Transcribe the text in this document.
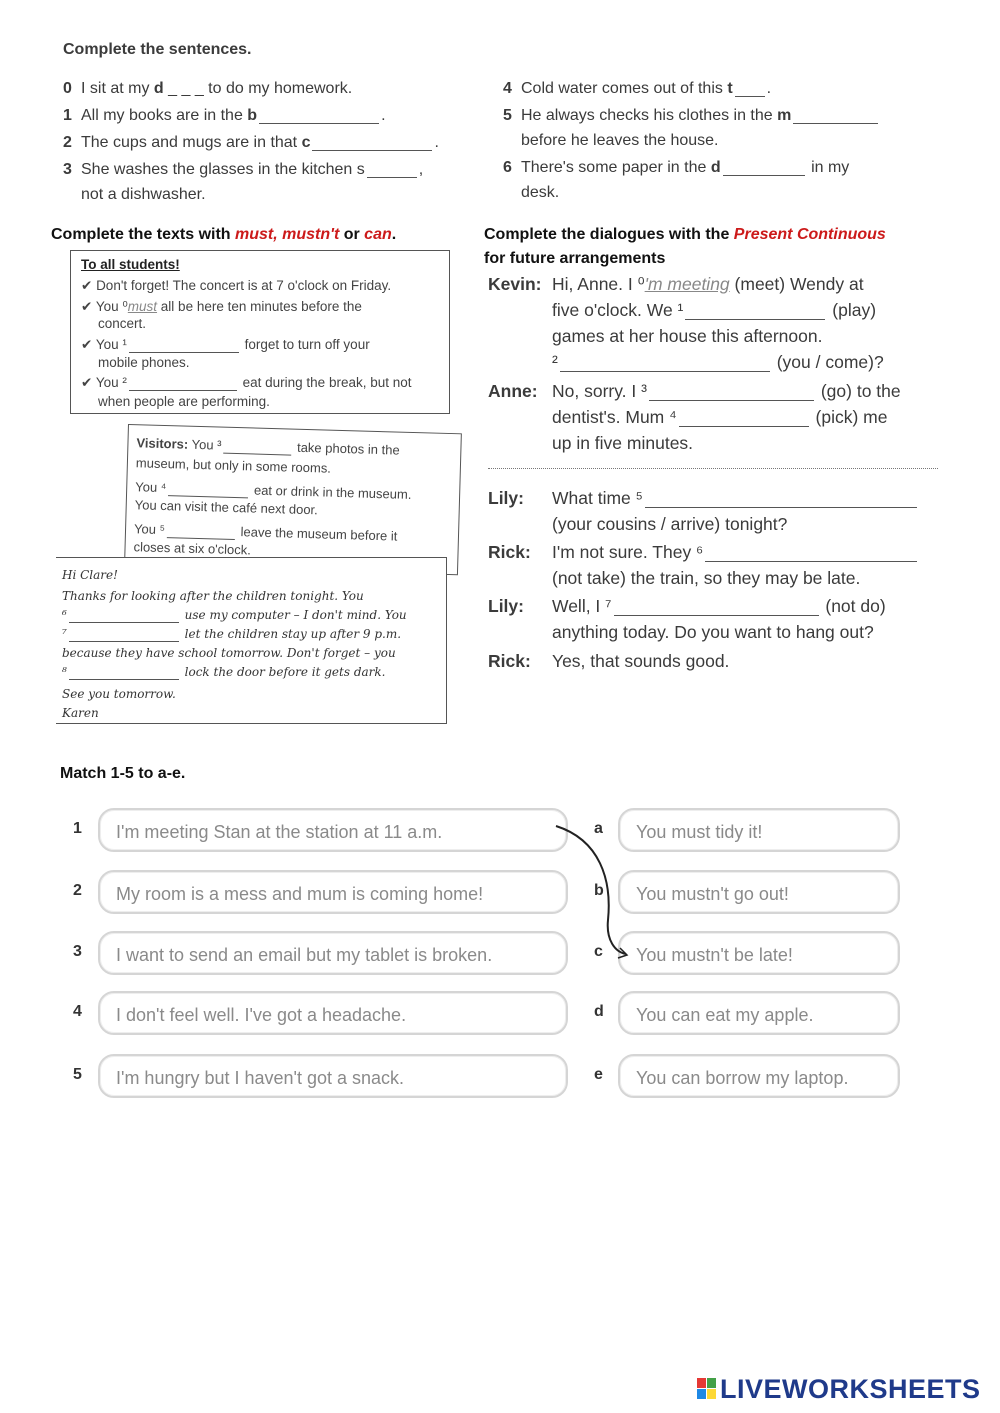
Complete the sentences.
0 I sit at my d _ _ _ to do my homework.
1 All my books are in the b	.
2 The cups and mugs are in that c	.
3 She washes the glasses in the kitchen s	,
not a dishwasher.
4 Cold water comes out of this t .
5 He always checks his clothes in the m
before he leaves the house.
6 There's some paper in the d	in my
desk.
Complete the texts with must, mustn't or can.
To all students!
✔ Don't forget! The concert is at 7 o'clock on Friday.
✔ You ⁰must all be here ten minutes before the
concert.
✔ You ¹	forget to turn off your
mobile phones.
✔ You ²	eat during the break, but not
when people are performing.
Visitors: You ³	take photos in the
museum, but only in some rooms.
You ⁴	eat or drink in the museum.
You can visit the café next door.
You ⁵	leave the museum before it
closes at six o'clock.
Hi Clare!
Thanks for looking after the children tonight. You
⁶	use my computer – I don't mind. You
⁷	let the children stay up after 9 p.m.
because they have school tomorrow. Don't forget – you
⁸	lock the door before it gets dark.
See you tomorrow.
Karen
Complete the dialogues with the Present Continuous
for future arrangements
Kevin: Hi, Anne. I ⁰'m meeting (meet) Wendy at
five o'clock. We ¹	(play)
games at her house this afternoon.
²	(you / come)?
Anne: No, sorry. I ³	(go) to the
dentist's. Mum ⁴	(pick) me
up in five minutes.
Lily: What time ⁵
(your cousins / arrive) tonight?
Rick: I'm not sure. They ⁶
(not take) the train, so they may be late.
Lily: Well, I ⁷	(not do)
anything today. Do you want to hang out?
Rick: Yes, that sounds good.
Match 1-5 to a-e.
1	I'm meeting Stan at the station at 11 a.m.
2	My room is a mess and mum is coming home!
3	I want to send an email but my tablet is broken.
4	I don't feel well. I've got a headache.
5	I'm hungry but I haven't got a snack.
a	You must tidy it!
b	You mustn't go out!
c	You mustn't be late!
d	You can eat my apple.
e	You can borrow my laptop.
LIVEWORKSHEETS
